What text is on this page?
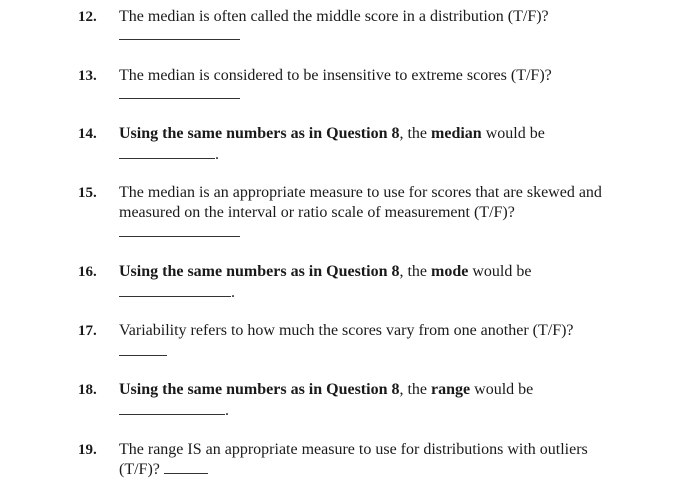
12. The median is often called the middle score in a distribution (T/F)?
13. The median is considered to be insensitive to extreme scores (T/F)?
14. Using the same numbers as in Question 8, the median would be
.
15. The median is an appropriate measure to use for scores that are skewed and
measured on the interval or ratio scale of measurement (T/F)?
16. Using the same numbers as in Question 8, the mode would be
.
17. Variability refers to how much the scores vary from one another (T/F)?
18. Using the same numbers as in Question 8, the range would be
.
19. The range IS an appropriate measure to use for distributions with outliers
(T/F)?
